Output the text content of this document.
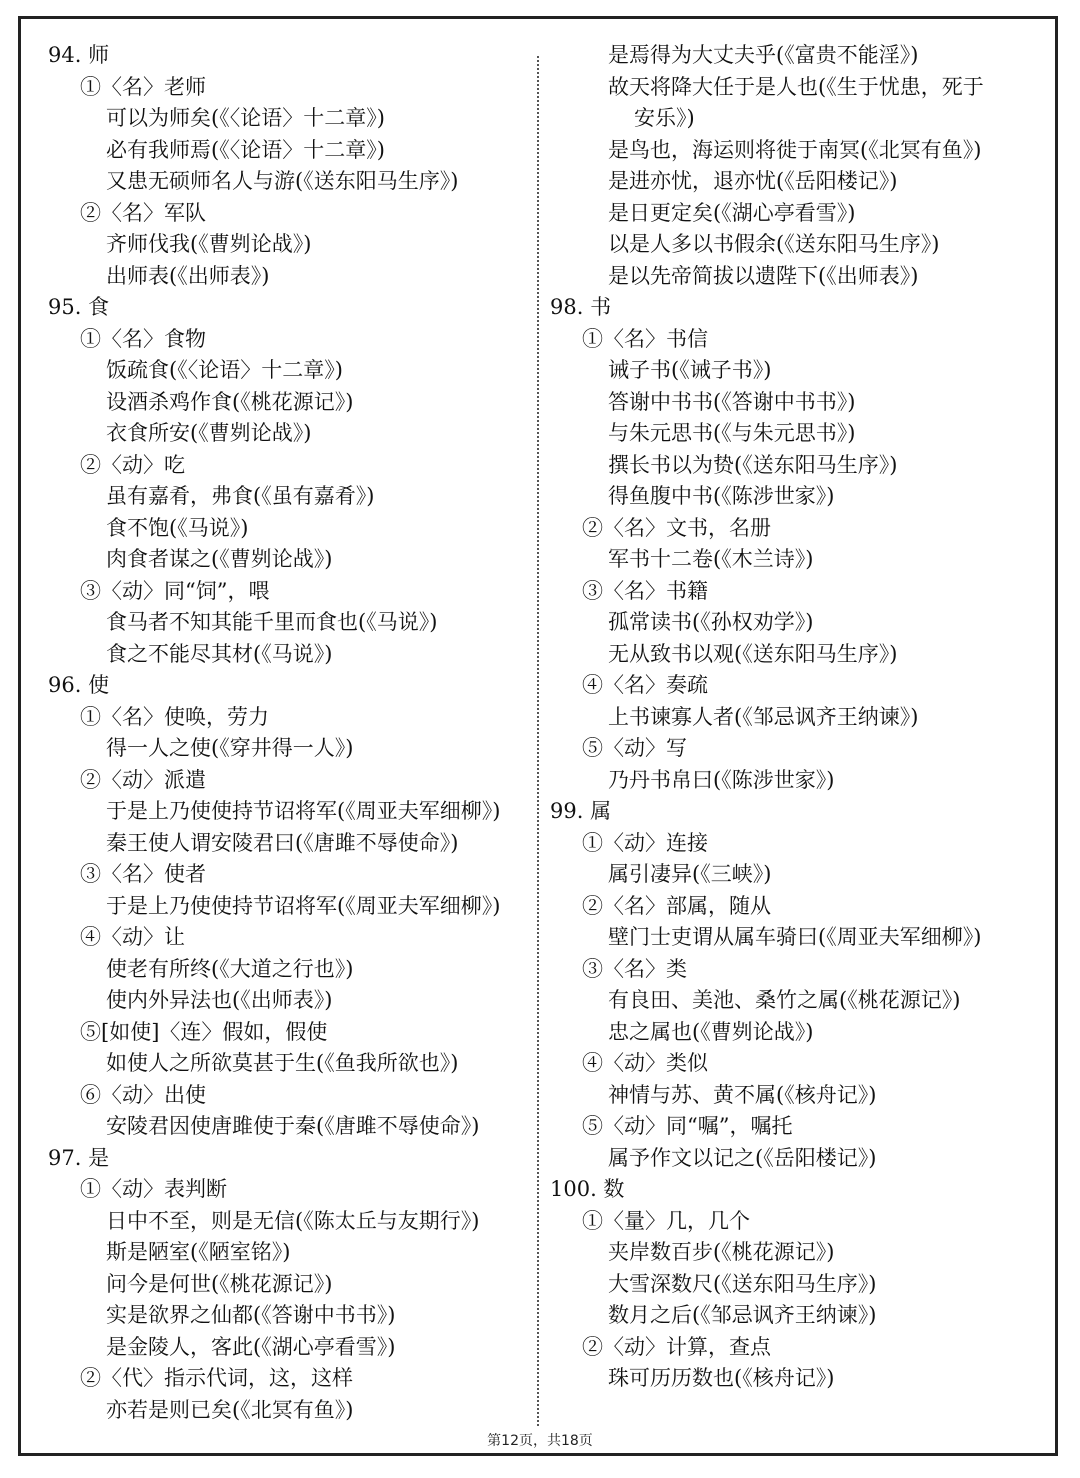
94. 师
①〈名〉老师
可以为师矣(《〈论语〉十二章》)
必有我师焉(《〈论语〉十二章》)
又患无硕师名人与游(《送东阳马生序》)
②〈名〉军队
齐师伐我(《曹刿论战》)
出师表(《出师表》)
95. 食
①〈名〉食物
饭疏食(《〈论语〉十二章》)
设酒杀鸡作食(《桃花源记》)
衣食所安(《曹刿论战》)
②〈动〉吃
虽有嘉肴，弗食(《虽有嘉肴》)
食不饱(《马说》)
肉食者谋之(《曹刿论战》)
③〈动〉同“饲”，喂
食马者不知其能千里而食也(《马说》)
食之不能尽其材(《马说》)
96. 使
①〈名〉使唤，劳力
得一人之使(《穿井得一人》)
②〈动〉派遣
于是上乃使使持节诏将军(《周亚夫军细柳》)
秦王使人谓安陵君曰(《唐雎不辱使命》)
③〈名〉使者
于是上乃使使持节诏将军(《周亚夫军细柳》)
④〈动〉让
使老有所终(《大道之行也》)
使内外异法也(《出师表》)
⑤[如使]〈连〉假如，假使
如使人之所欲莫甚于生(《鱼我所欲也》)
⑥〈动〉出使
安陵君因使唐雎使于秦(《唐雎不辱使命》)
97. 是
①〈动〉表判断
日中不至，则是无信(《陈太丘与友期行》)
斯是陋室(《陋室铭》)
问今是何世(《桃花源记》)
实是欲界之仙都(《答谢中书书》)
是金陵人，客此(《湖心亭看雪》)
②〈代〉指示代词，这，这样
亦若是则已矣(《北冥有鱼》)
是焉得为大丈夫乎(《富贵不能淫》)
故天将降大任于是人也(《生于忧患，死于
安乐》)
是鸟也，海运则将徙于南冥(《北冥有鱼》)
是进亦忧，退亦忧(《岳阳楼记》)
是日更定矣(《湖心亭看雪》)
以是人多以书假余(《送东阳马生序》)
是以先帝简拔以遗陛下(《出师表》)
98. 书
①〈名〉书信
诫子书(《诫子书》)
答谢中书书(《答谢中书书》)
与朱元思书(《与朱元思书》)
撰长书以为贽(《送东阳马生序》)
得鱼腹中书(《陈涉世家》)
②〈名〉文书，名册
军书十二卷(《木兰诗》)
③〈名〉书籍
孤常读书(《孙权劝学》)
无从致书以观(《送东阳马生序》)
④〈名〉奏疏
上书谏寡人者(《邹忌讽齐王纳谏》)
⑤〈动〉写
乃丹书帛曰(《陈涉世家》)
99. 属
①〈动〉连接
属引凄异(《三峡》)
②〈名〉部属，随从
壁门士吏谓从属车骑曰(《周亚夫军细柳》)
③〈名〉类
有良田、美池、桑竹之属(《桃花源记》)
忠之属也(《曹刿论战》)
④〈动〉类似
神情与苏、黄不属(《核舟记》)
⑤〈动〉同“嘱”，嘱托
属予作文以记之(《岳阳楼记》)
100. 数
①〈量〉几，几个
夹岸数百步(《桃花源记》)
大雪深数尺(《送东阳马生序》)
数月之后(《邹忌讽齐王纳谏》)
②〈动〉计算，查点
珠可历历数也(《核舟记》)
第12页，共18页
